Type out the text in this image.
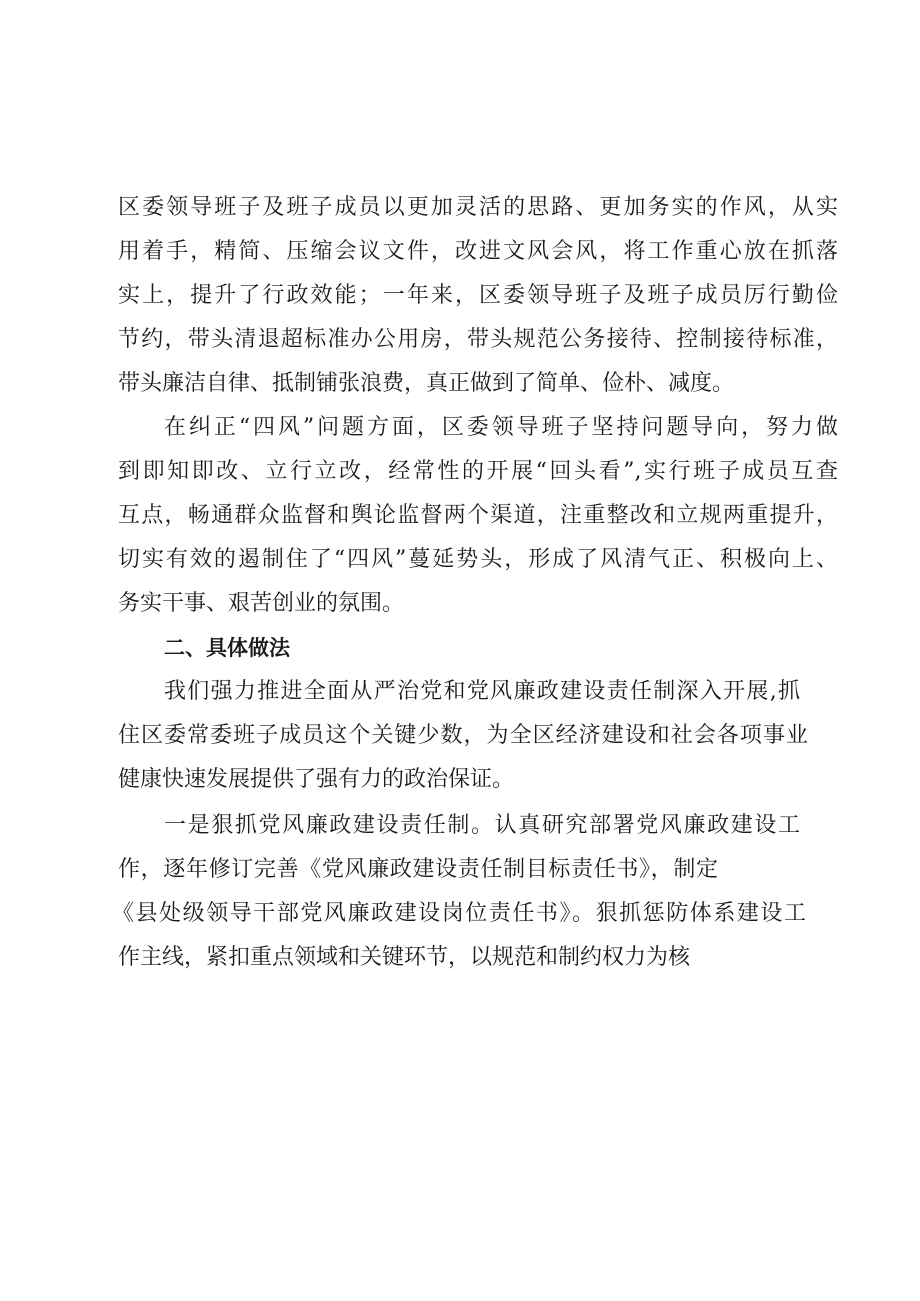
区委领导班子及班子成员以更加灵活的思路、更加务实的作风，从实
用着手，精简、压缩会议文件，改进文风会风，将工作重心放在抓落
实上，提升了行政效能；一年来，区委领导班子及班子成员厉行勤俭
节约，带头清退超标准办公用房，带头规范公务接待、控制接待标准，
带头廉洁自律、抵制铺张浪费，真正做到了简单、俭朴、减度。
在纠正“四风”问题方面，区委领导班子坚持问题导向，努力做
到即知即改、立行立改，经常性的开展“回头看”,实行班子成员互查
互点，畅通群众监督和舆论监督两个渠道，注重整改和立规两重提升，
切实有效的遏制住了“四风”蔓延势头，形成了风清气正、积极向上、
务实干事、艰苦创业的氛围。
二、具体做法
我们强力推进全面从严治党和党风廉政建设责任制深入开展,抓
住区委常委班子成员这个关键少数，为全区经济建设和社会各项事业
健康快速发展提供了强有力的政治保证。
一是狠抓党风廉政建设责任制。认真研究部署党风廉政建设工
作，逐年修订完善《党风廉政建设责任制目标责任书》，制定
《县处级领导干部党风廉政建设岗位责任书》。狠抓惩防体系建设工
作主线，紧扣重点领域和关键环节，以规范和制约权力为核
